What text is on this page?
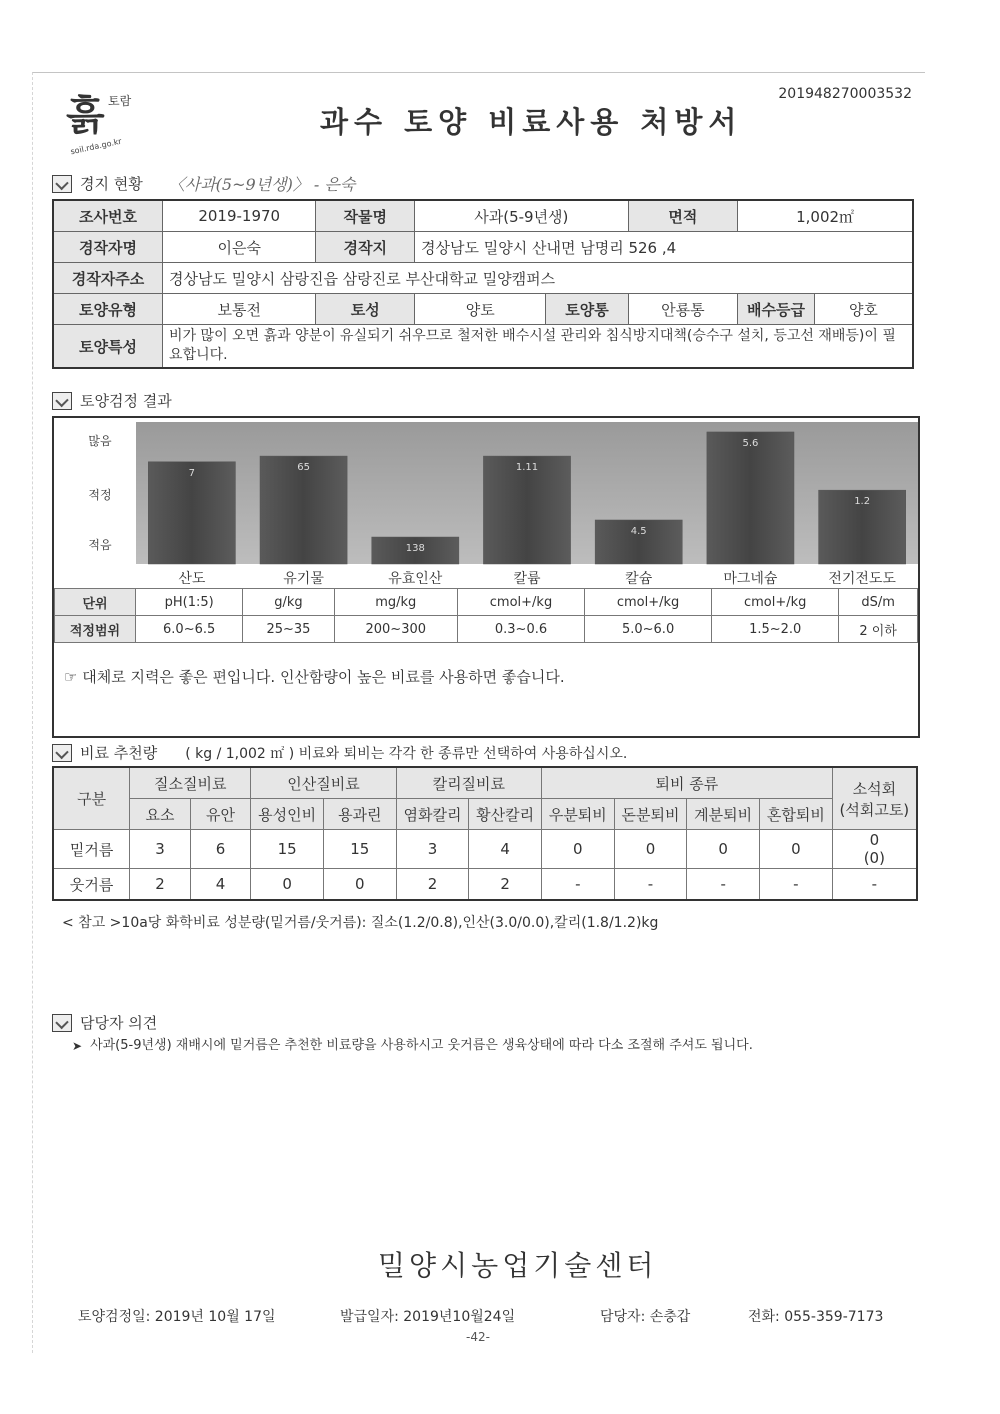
201948270003532
흙 토람
soil.rda.go.kr
과수 토양 비료사용 처방서
경지 현황 〈사과(5~9년생)〉 - 은숙
조사번호	2019-1970	작물명	사과(5-9년생)		면적	1,002㎡	
경작자명	이은숙	경작지	경상남도 밀양시 산내면 남명리 526 ,4				
경작자주소	경상남도 밀양시 삼랑진읍 삼랑진로 부산대학교 밀양캠퍼스						
토양유형	보통전	토성	양토	토양통	안룡통	배수등급	양호
토양특성	비가 많이 오면 흙과 양분이 유실되기 쉬우므로 철저한 배수시설 관리와 침식방지대책(승수구 설치, 등고선 재배등)이 필요합니다.						
토양검정 결과
많음
적정
적음
7
산도
65
유기물
138
유효인산
1.11
칼륨
4.5
칼슘
5.6
마그네슘
1.2
전기전도도
단위	pH(1:5)	g/kg	mg/kg	cmol+/kg	cmol+/kg	cmol+/kg	dS/m
적정범위	6.0~6.5	25~35	200~300	0.3~0.6	5.0~6.0	1.5~2.0	2 이하
☞ 대체로 지력은 좋은 편입니다. 인산함량이 높은 비료를 사용하면 좋습니다.
비료 추천량 ( kg / 1,002 ㎡ ) 비료와 퇴비는 각각 한 종류만 선택하여 사용하십시오.
구분	질소질비료		인산질비료		칼리질비료		퇴비 종류				소석회
(석회고토)

	요소	유안	용성인비	용과린	염화칼리	황산칼리	우분퇴비	돈분퇴비	계분퇴비	혼합퇴비	
밑거름	3	6	15	15	3	4	0	0	0	0	0
(0)

웃거름	2	4	0	0	2	2	-	-	-	-	-
< 참고 >10a당 화학비료 성분량(밑거름/웃거름): 질소(1.2/0.8),인산(3.0/0.0),칼리(1.8/1.2)kg
담당자 의견
➤ 사과(5-9년생) 재배시에 밑거름은 추천한 비료량을 사용하시고 웃거름은 생육상태에 따라 다소 조절해 주셔도 됩니다.
밀양시농업기술센터
토양검정일: 2019년 10월 17일	발급일자: 2019년10월24일	담당자: 손충갑	전화: 055-359-7173
-42-
